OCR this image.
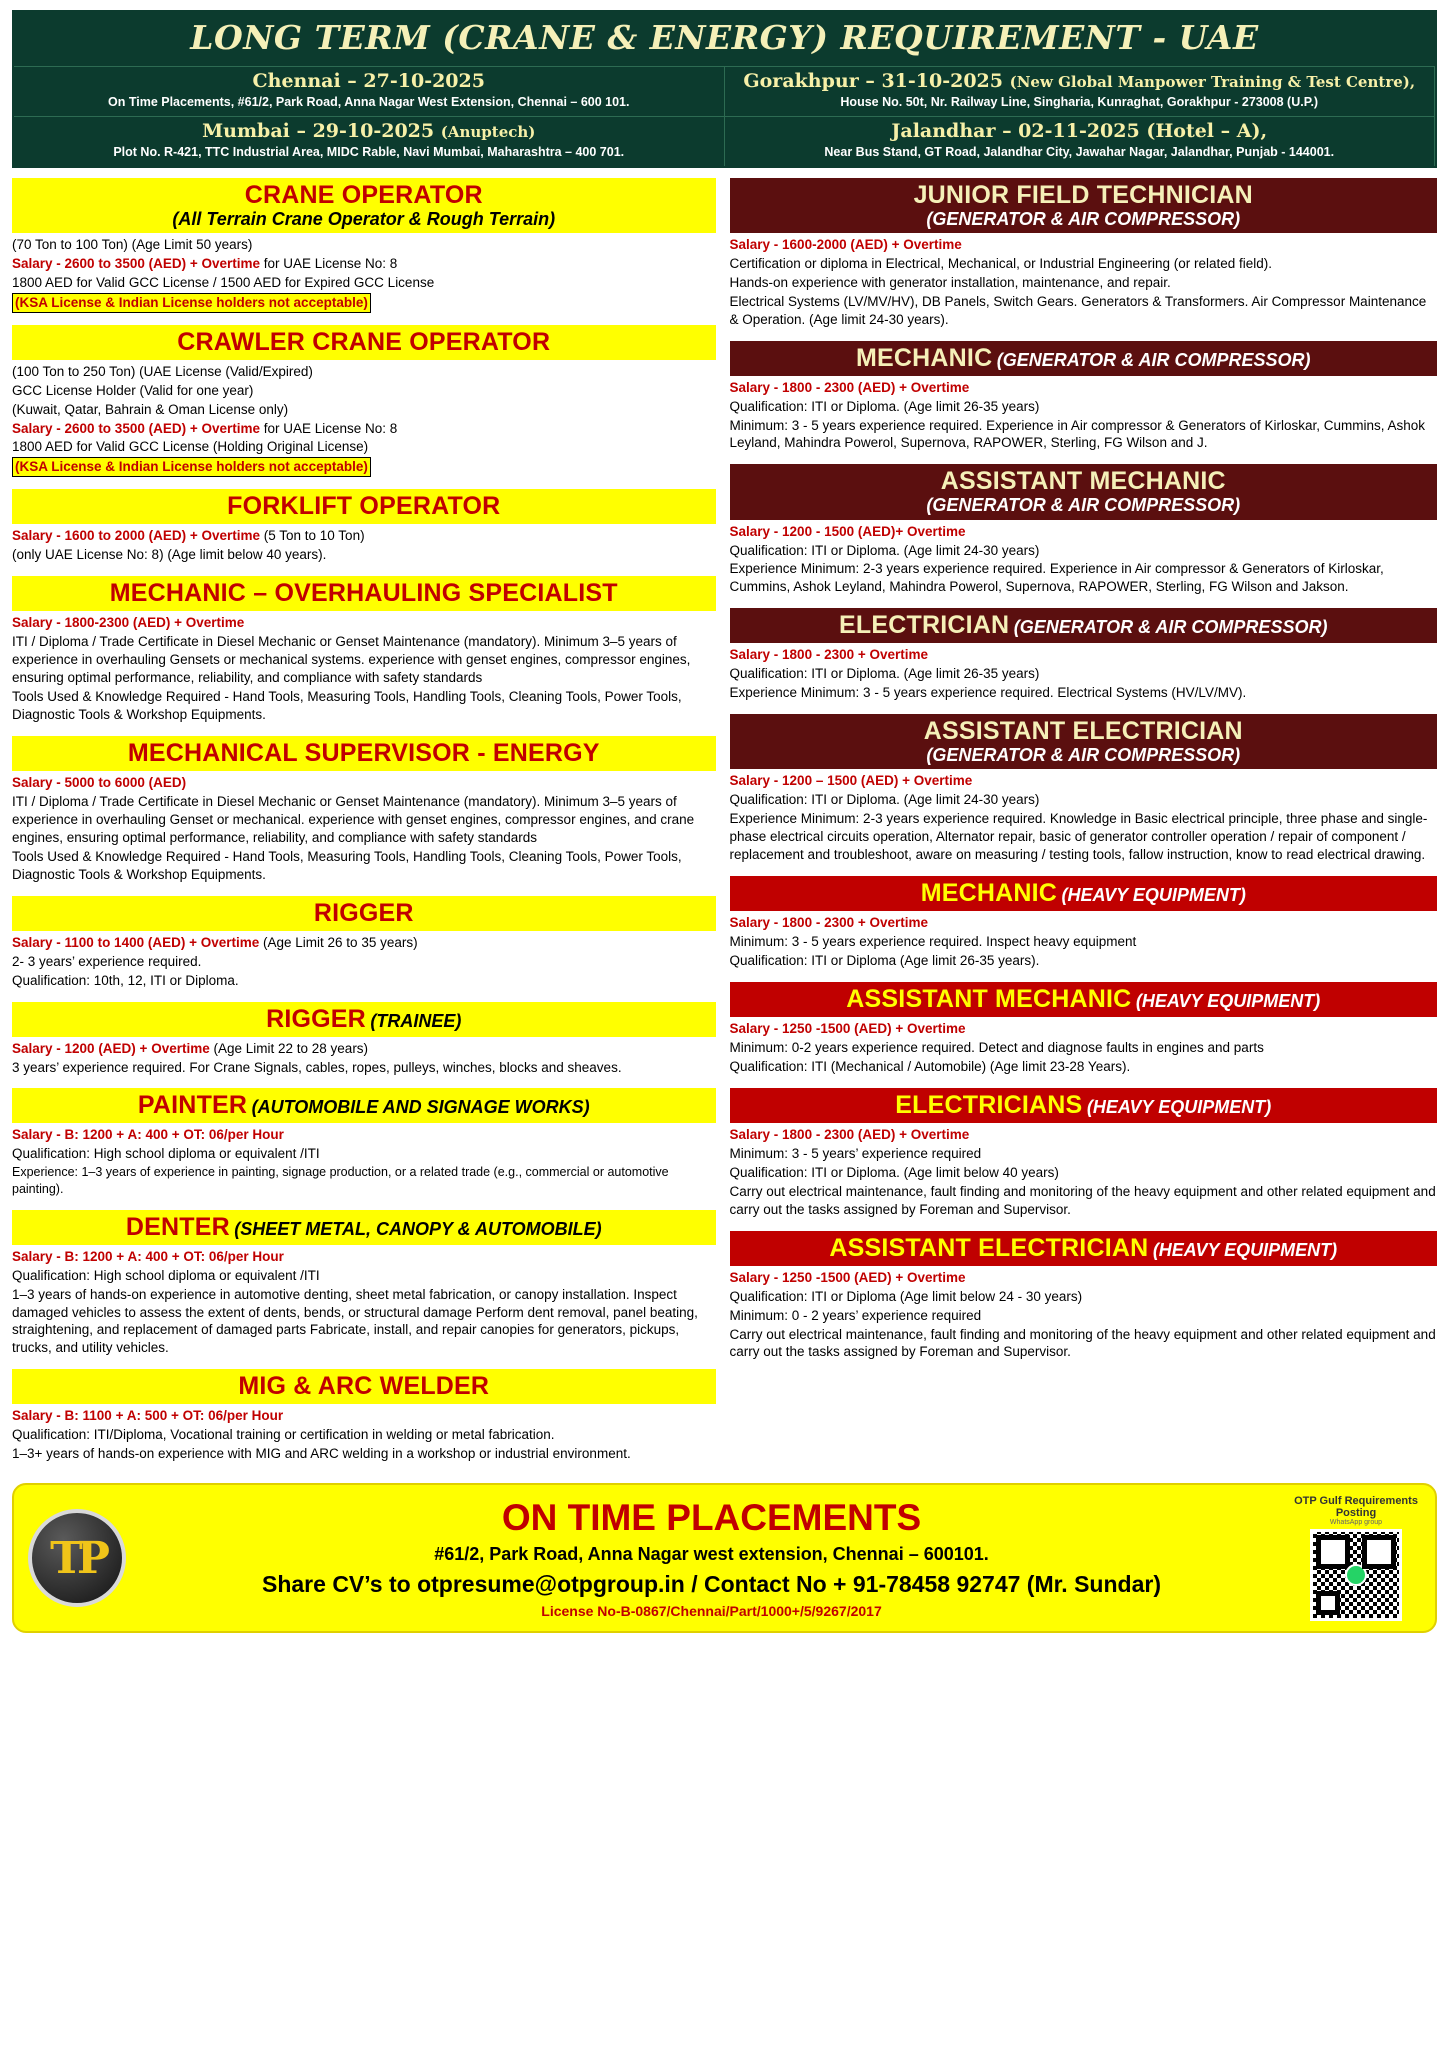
LONG TERM (CRANE & ENERGY) REQUIREMENT - UAE
Chennai – 27-10-2025
On Time Placements, #61/2, Park Road, Anna Nagar West Extension, Chennai – 600 101.
Gorakhpur – 31-10-2025 (New Global Manpower Training & Test Centre),
House No. 50t, Nr. Railway Line, Singharia, Kunraghat, Gorakhpur - 273008 (U.P.)
Mumbai – 29-10-2025 (Anuptech)
Plot No. R-421, TTC Industrial Area, MIDC Rable, Navi Mumbai, Maharashtra – 400 701.
Jalandhar – 02-11-2025 (Hotel – A),
Near Bus Stand, GT Road, Jalandhar City, Jawahar Nagar, Jalandhar, Punjab - 144001.
CRANE OPERATOR
(All Terrain Crane Operator & Rough Terrain)

(70 Ton to 100 Ton) (Age Limit 50 years)

Salary - 2600 to 3500 (AED) + Overtime for UAE License No: 8

1800 AED for Valid GCC License / 1500 AED for Expired GCC License

(KSA License & Indian License holders not acceptable)

CRAWLER CRANE OPERATOR

(100 Ton to 250 Ton) (UAE License (Valid/Expired)

GCC License Holder (Valid for one year)

(Kuwait, Qatar, Bahrain & Oman License only)

Salary - 2600 to 3500 (AED) + Overtime for UAE License No: 8

1800 AED for Valid GCC License (Holding Original License)

(KSA License & Indian License holders not acceptable)

FORKLIFT OPERATOR

Salary - 1600 to 2000 (AED) + Overtime (5 Ton to 10 Ton)

(only UAE License No: 8) (Age limit below 40 years).

MECHANIC – OVERHAULING SPECIALIST

Salary - 1800-2300 (AED) + Overtime

ITI / Diploma / Trade Certificate in Diesel Mechanic or Genset Maintenance (mandatory). Minimum 3–5 years of experience in overhauling Gensets or mechanical systems. experience with genset engines, compressor engines, ensuring optimal performance, reliability, and compliance with safety standards

Tools Used & Knowledge Required - Hand Tools, Measuring Tools, Handling Tools, Cleaning Tools, Power Tools, Diagnostic Tools & Workshop Equipments.

MECHANICAL SUPERVISOR - ENERGY

Salary - 5000 to 6000 (AED)

ITI / Diploma / Trade Certificate in Diesel Mechanic or Genset Maintenance (mandatory). Minimum 3–5 years of experience in overhauling Genset or mechanical. experience with genset engines, compressor engines, and crane engines, ensuring optimal performance, reliability, and compliance with safety standards

Tools Used & Knowledge Required - Hand Tools, Measuring Tools, Handling Tools, Cleaning Tools, Power Tools, Diagnostic Tools & Workshop Equipments.

RIGGER

Salary - 1100 to 1400 (AED) + Overtime (Age Limit 26 to 35 years)

2- 3 years’ experience required.

Qualification: 10th, 12, ITI or Diploma.

RIGGER (TRAINEE)

Salary - 1200 (AED) + Overtime (Age Limit 22 to 28 years)

3 years’ experience required. For Crane Signals, cables, ropes, pulleys, winches, blocks and sheaves.

PAINTER (AUTOMOBILE AND SIGNAGE WORKS)

Salary - B: 1200 + A: 400 + OT: 06/per Hour

Qualification: High school diploma or equivalent /ITI

Experience: 1–3 years of experience in painting, signage production, or a related trade (e.g., commercial or automotive painting).

DENTER (SHEET METAL, CANOPY & AUTOMOBILE)

Salary - B: 1200 + A: 400 + OT: 06/per Hour

Qualification: High school diploma or equivalent /ITI

1–3 years of hands-on experience in automotive denting, sheet metal fabrication, or canopy installation. Inspect damaged vehicles to assess the extent of dents, bends, or structural damage Perform dent removal, panel beating, straightening, and replacement of damaged parts Fabricate, install, and repair canopies for generators, pickups, trucks, and utility vehicles.

MIG & ARC WELDER

Salary - B: 1100 + A: 500 + OT: 06/per Hour

Qualification: ITI/Diploma, Vocational training or certification in welding or metal fabrication.

1–3+ years of hands-on experience with MIG and ARC welding in a workshop or industrial environment.

JUNIOR FIELD TECHNICIAN
(GENERATOR & AIR COMPRESSOR)

Salary - 1600-2000 (AED) + Overtime

Certification or diploma in Electrical, Mechanical, or Industrial Engineering (or related field).

Hands-on experience with generator installation, maintenance, and repair.

Electrical Systems (LV/MV/HV), DB Panels, Switch Gears. Generators & Transformers. Air Compressor Maintenance & Operation. (Age limit 24-30 years).

MECHANIC (GENERATOR & AIR COMPRESSOR)

Salary - 1800 - 2300 (AED) + Overtime

Qualification: ITI or Diploma. (Age limit 26-35 years)

Minimum: 3 - 5 years experience required. Experience in Air compressor & Generators of Kirloskar, Cummins, Ashok Leyland, Mahindra Powerol, Supernova, RAPOWER, Sterling, FG Wilson and J.

ASSISTANT MECHANIC
(GENERATOR & AIR COMPRESSOR)

Salary - 1200 - 1500 (AED)+ Overtime

Qualification: ITI or Diploma. (Age limit 24-30 years)

Experience Minimum: 2-3 years experience required. Experience in Air compressor & Generators of Kirloskar, Cummins, Ashok Leyland, Mahindra Powerol, Supernova, RAPOWER, Sterling, FG Wilson and Jakson.

ELECTRICIAN (GENERATOR & AIR COMPRESSOR)

Salary - 1800 - 2300 + Overtime

Qualification: ITI or Diploma. (Age limit 26-35 years)

Experience Minimum: 3 - 5 years experience required. Electrical Systems (HV/LV/MV).

ASSISTANT ELECTRICIAN
(GENERATOR & AIR COMPRESSOR)

Salary - 1200 – 1500 (AED) + Overtime

Qualification: ITI or Diploma. (Age limit 24-30 years)

Experience Minimum: 2-3 years experience required. Knowledge in Basic electrical principle, three phase and single-phase electrical circuits operation, Alternator repair, basic of generator controller operation / repair of component / replacement and troubleshoot, aware on measuring / testing tools, fallow instruction, know to read electrical drawing.

MECHANIC (HEAVY EQUIPMENT)

Salary - 1800 - 2300 + Overtime

Minimum: 3 - 5 years experience required. Inspect heavy equipment

Qualification: ITI or Diploma (Age limit 26-35 years).

ASSISTANT MECHANIC (HEAVY EQUIPMENT)

Salary - 1250 -1500 (AED) + Overtime

Minimum: 0-2 years experience required. Detect and diagnose faults in engines and parts

Qualification: ITI (Mechanical / Automobile) (Age limit 23-28 Years).

ELECTRICIANS (HEAVY EQUIPMENT)

Salary - 1800 - 2300 (AED) + Overtime

Minimum: 3 - 5 years’ experience required

Qualification: ITI or Diploma. (Age limit below 40 years)

Carry out electrical maintenance, fault finding and monitoring of the heavy equipment and other related equipment and carry out the tasks assigned by Foreman and Supervisor.

ASSISTANT ELECTRICIAN (HEAVY EQUIPMENT)

Salary - 1250 -1500 (AED) + Overtime

Qualification: ITI or Diploma (Age limit below 24 - 30 years)

Minimum: 0 - 2 years’ experience required

Carry out electrical maintenance, fault finding and monitoring of the heavy equipment and other related equipment and carry out the tasks assigned by Foreman and Supervisor.

TP
ON TIME PLACEMENTS
#61/2, Park Road, Anna Nagar west extension, Chennai – 600101.
Share CV’s to otpresume@otpgroup.in / Contact No + 91-78458 92747 (Mr. Sundar)
License No-B-0867/Chennai/Part/1000+/5/9267/2017
OTP Gulf Requirements Posting
WhatsApp group
